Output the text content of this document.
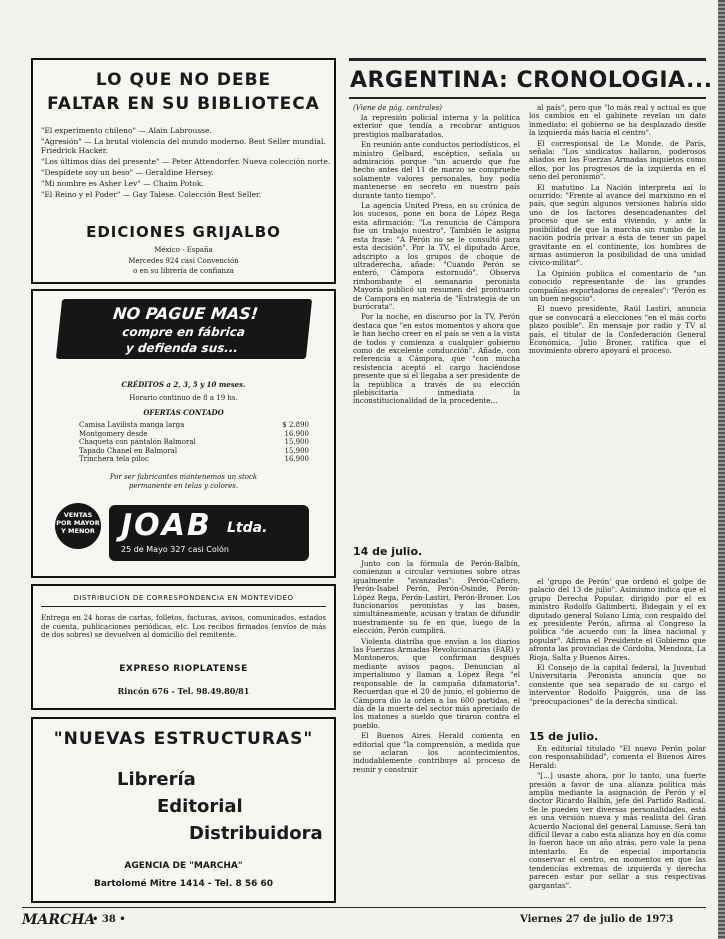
LO QUE NO DEBE
FALTAR EN SU BIBLIOTECA
"El experimento chileno" — Alain Labrousse.
"Agresión" — La brutal violencia del mundo moderno. Best Seller mundial. Friedrick Hacker.
"Los últimos días del presente" — Peter Attendorfer. Nueva colección norte.
"Despídete soy un beso" — Geraldine Hersey.
"Mi nombre es Asher Lev" — Chaim Potok.
"El Reino y el Poder" — Gay Talese. Colección Best Seller.
EDICIONES GRIJALBO
México - España
Mercedes 924 casi Convención
o en su librería de confianza
NO PAGUE MAS!
compre en fábrica
y defienda sus...
CRÉDITOS a 2, 3, 5 y 10 meses.
Horario continuo de 8 a 19 hs.
OFERTAS CONTADO
Camisa Lavilista manga larga	$ 2.890
Montgomery desde	16.900
Chaqueta con pantalón Balmoral	15.900
Tapado Chanel en Balmoral	15.900
Trinchera tela piloc	16.900
Por ser fabricantes mantenemos un stock
permanente en telas y colores.
VENTAS POR MAYOR Y MENOR JOAB Ltda.
25 de Mayo 327 casi Colón
DISTRIBUCION DE CORRESPONDENCIA EN MONTEVIDEO
Entrega en 24 horas de cartas, folletos, facturas, avisos, comunicados, estados de cuenta, publicaciones periódicas, etc. Los recibos firmados (envíos de más de dos sobres) se devuelven al domicilio del remitente.
EXPRESO RIOPLATENSE
Rincón 676 - Tel. 98.49.80/81
"NUEVAS ESTRUCTURAS"
Librería
Editorial
Distribuidora
AGENCIA DE "MARCHA"
Bartolomé Mitre 1414 - Tel. 8 56 60
ARGENTINA: CRONOLOGIA...
(Viene de pág. centrales)

la represión policial interna y la política exterior que tendía a recobrar antiguos prestigios malbaratados.

En reunión ante conductos periodísticos, el ministro Gelbard, escéptico, señala su admiración porque "un acuerdo que fue hecho antes del 11 de marzo se compruebe solamente valores personales, hoy podía mantenerse en secreto en nuestro país durante tanto tiempo".

La agencia United Press, en su crónica de los sucesos, pone en boca de López Rega esta afirmación: "La renuncia de Cámpora fue un trabajo nuestro". También le asigna esta frase: "A Perón no se le consultó para esta decisión". Por la TV, el diputado Arce, adscripto a los grupos de choque de ultraderecha, añade: "Cuando Perón se enteró, Cámpora estornudó". Observa rimbombante el semanario peronista Mayoría publicó un resumen del prontuario de Campora en materia de "Estrategia de un burócrata".

Por la noche, en discurso por la TV, Perón destaca que "en estos momentos y ahora que le han hecho creer en el país se ven a la vista de todos y comienza a cualquier gobierno como de excelente conducción". Añade, con referencia a Cámpora, que "con mucha resistencia aceptó el cargo haciéndose presente que si él llegaba a ser presidente de la república a través de su elección plebiscitaria inmediata la inconstitucionalidad de la procedente...

al país", pero que "lo más real y actual es que los cambios en el gabinete revelan un dato inmediato: el gobierno se ha desplazado desde la izquierda más hacia el centro".

El corresponsal de Le Monde, de París, señala: "Los sindicatos hallaron, poderosos aliados en las Fuerzas Armadas inquietos como ellos, por los progresos de la izquierda en el seno del peronismo".

El matutino La Nación interpreta así lo ocurrido: "Frente al avance del marxismo en el país, que según algunos versiones habría sido uno de los factores desencadenantes del proceso que se está viviendo, y ante la posibilidad de que la marcha sin rumbo de la nación podría privar a ésta de tener un papel gravitante en el continente, los hombres de armas asumieron la posibilidad de una unidad cívico-militar".

La Opinión publica el comentario de "un conocido representante de las grandes compañías exportadoras de cereales": "Perón es un buen negocio".

El nuevo presidente, Raúl Lastiri, anuncia que se convocará a elecciones "en el más corto plazo posible". En mensaje por radio y TV al país, el titular de la Confederación General Económica, Julio Broner, ratifica que el movimiento obrero apoyará el proceso.

14 de julio.

Junto con la fórmula de Perón-Balbín, comienzan a circular versiones sobre otras igualmente "avanzadas": Perón-Cafiero, Perón-Isabel Perón, Perón-Osinde, Perón-López Rega, Perón-Lastiri, Perón-Broner. Los funcionarios peronistas y las bases, simultáneamente, acusan y tratan de difundir nuestramente su fe en que, luego de la elección, Perón cumplirá.

Violenta diatriba que envían a los diarios las Fuerzas Armadas Revolucionarias (FAR) y Montoneros, que confirman después mediante avisos pagos. Denuncian al imperialismo y llaman a López Rega "el responsable de la campaña difamatoria". Recuerdan que el 20 de junio, el gobierno de Cámpora dio la orden a las 600 partidas, el día de la muerte del sector más apreciado de los matones a sueldo que tiraron contra el pueblo.

El Buenos Aires Herald comenta en editorial que "la comprensión, a medida que se aclaran los acontecimientos, indudablemente contribuye al proceso de reunir y construir

el 'grupo de Perón' que ordenó el golpe de palacio del 13 de julio". Asimismo indica que el grupo Derecha Popular, dirigido por el ex ministro Rodolfo Galimberti, Bidegain y el ex diputado general Solano Lima, con respaldo del ex presidente Perón, afirma al Congreso la política "de acuerdo con la línea nacional y popular". Afirma el Presidente el Gobierno que afronta las provincias de Córdoba, Mendoza, La Rioja, Salta y Buenos Aires.

El Consejo de la capital federal, la Juventud Universitaria Peronista anuncia que no consiente que sea separado de su cargo el interventor Rodolfo Puiggrós, una de las "preocupaciones" de la derecha sindical.

15 de julio.

En editorial titulado "El nuevo Perón polar con responsabilidad", comenta el Buenos Aires Herald:

"[...] usaste ahora, por lo tanto, una fuerte presión a favor de una alianza política más amplia mediante la asignación de Perón y el doctor Ricardo Balbín, jefe del Partido Radical. Se le pueden ver diversas personalidades, está es una versión nueva y más realista del Gran Acuerdo Nacional del general Lanusse. Será tan difícil llevar a cabo esta alianza hoy en día como lo fueron hace un año atrás, pero vale la pena intentarlo. Es de especial importancia conservar el centro, en momentos en que las tendencias extremas de izquierda y derecha parecen estar por sellar a sus respectivas gargantas".

MARCHA
• 38 •	Viernes 27 de julio de 1973
